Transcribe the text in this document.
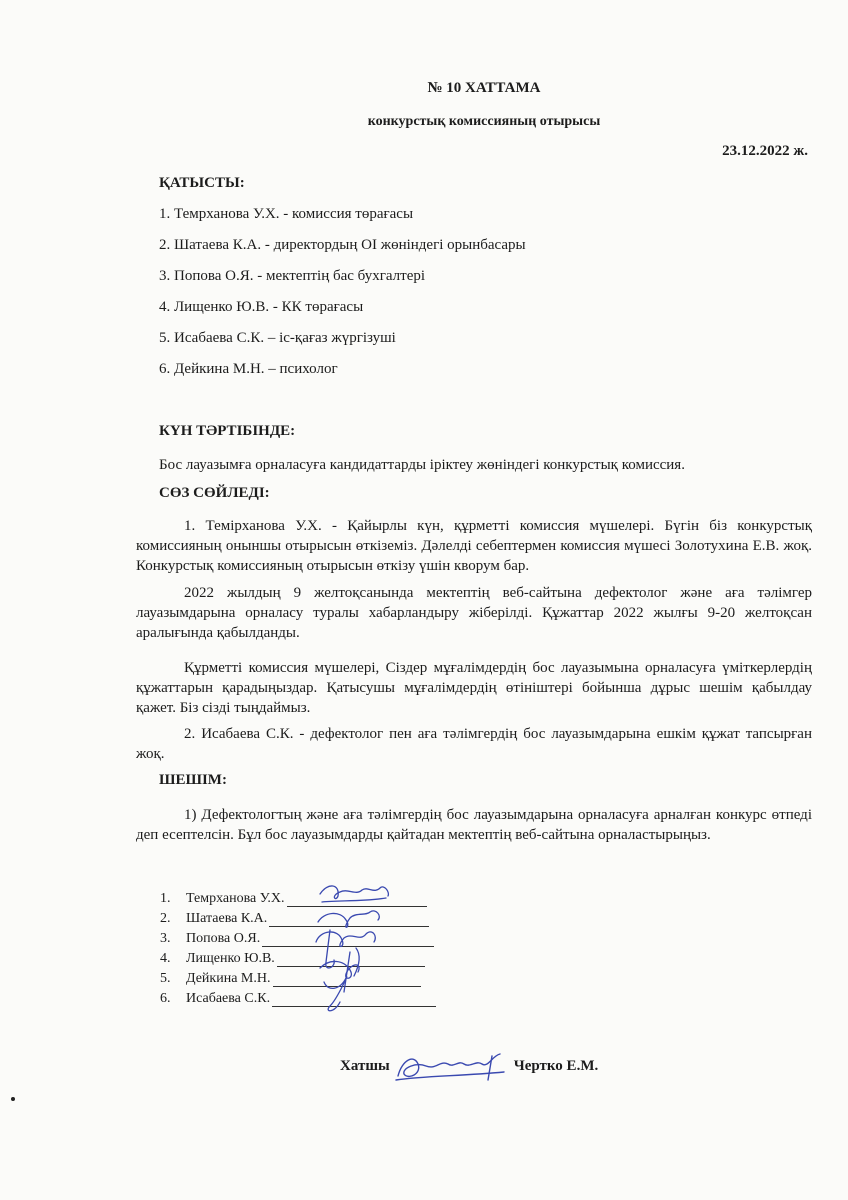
№ 10 ХАТТАМА
конкурстық комиссияның отырысы
23.12.2022 ж.
ҚАТЫСТЫ:
1. Темрханова У.Х. - комиссия төрағасы
2. Шатаева К.А. - директордың ОІ жөніндегі орынбасары
3. Попова О.Я. - мектептің бас бухгалтері
4. Лищенко Ю.В. - КК төрағасы
5. Исабаева С.К. – іс-қағаз жүргізуші
6. Дейкина М.Н. – психолог
КҮН ТӘРТІБІНДЕ:

Бос лауазымға орналасуға кандидаттарды іріктеу жөніндегі конкурстық комиссия.

СӨЗ СӨЙЛЕДІ:

1. Темірханова У.Х. - Қайырлы күн, құрметті комиссия мүшелері. Бүгін біз конкурстық комиссияның оныншы отырысын өткіземіз. Дәлелді себептермен комиссия мүшесі Золотухина Е.В. жоқ. Конкурстық комиссияның отырысын өткізу үшін кворум бар.

2022 жылдың 9 желтоқсанында мектептің веб-сайтына дефектолог және аға тәлімгер лауазымдарына орналасу туралы хабарландыру жіберілді. Құжаттар 2022 жылғы 9-20 желтоқсан аралығында қабылданды.

Құрметті комиссия мүшелері, Сіздер мұғалімдердің бос лауазымына орналасуға үміткерлердің құжаттарын қарадыңыздар. Қатысушы мұғалімдердің өтініштері бойынша дұрыс шешім қабылдау қажет. Біз сізді тыңдаймыз.

2. Исабаева С.К. - дефектолог пен аға тәлімгердің бос лауазымдарына ешкім құжат тапсырған жоқ.

ШЕШІМ:

1) Дефектологтың және аға тәлімгердің бос лауазымдарына орналасуға арналған конкурс өтпеді деп есептелсін. Бұл бос лауазымдарды қайтадан мектептің веб-сайтына орналастырыңыз.

1.	Темрханова У.Х.
2.	Шатаева К.А.
3.	Попова О.Я.
4.	Лищенко Ю.В.
5.	Дейкина М.Н.
6.	Исабаева С.К.
Хатшы	Чертко Е.М.
